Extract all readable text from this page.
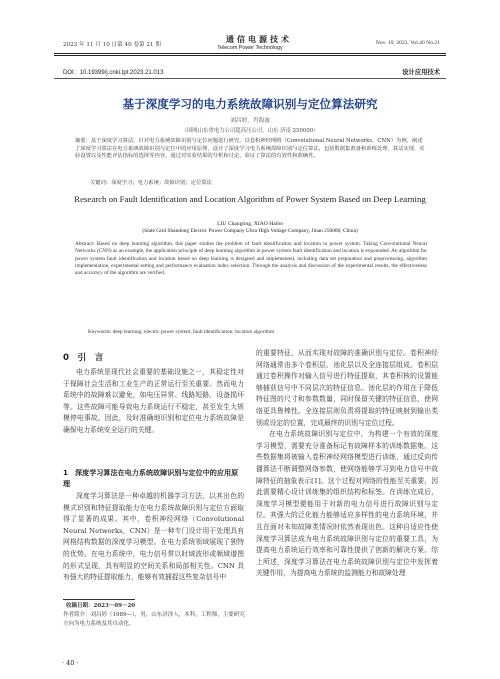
2023 年 11 月 10 日第 40 卷第 21 期
通信电源技术
Telecom Power Technology
Nov. 10, 2023, Vol.40 No.21
DOI：10.19399/j.cnki.tpt.2023.21.013	设计应用技术
基于深度学习的电力系统故障识别与定位算法研究
刘昌婷，肖海波
（国网山东省电力公司超高压公司，山东 济南 250000）
摘要：基于深度学习算法，针对电力系统故障识别与定位问题进行研究。以卷积神经网络（Convolutional Neural Networks，CNN）为例，阐述了深度学习算法在电力系统故障识别与定位中的应用原理，设计了深度学习电力系统故障识别与定位算法，包括数据集准备和训练处理、算法实现、实验设置以及性能评估指标的选择等内容。通过对实验结果的分析和讨论，验证了算法的有效性和准确性。
关键词：深度学习；电力系统；故障识别；定位算法
Research on Fault Identification and Location Algorithm of Power System Based on Deep Learning
LIU Changting, XIAO Haibo
(State Grid Shandong Electric Power Company Ultra High Voltage Company, Jinan 250000, China)
Abstract: Based on deep learning algorithm, this paper studies the problem of fault identification and location in power system. Taking Convolutional Neural Networks (CNN) as an example, the application principle of deep learning algorithm in power system fault identification and location is expounded. An algorithm for power system fault identification and location based on deep learning is designed and implemented, including data set preparation and preprocessing, algorithm implementation, experimental setting and performance evaluation index selection. Through the analysis and discussion of the experimental results, the effectiveness and accuracy of the algorithm are verified.
Keywords: deep learning; electric power system; fault identification; location algorithm
0　引　言

电力系统是现代社会重要的基础设施之一，其稳定性对于保障社会生活和工业生产的正常运行至关重要。然而电力系统中的故障难以避免，如电压异常、线路短路、设备损坏等。这些故障可能导致电力系统运行不稳定，甚至发生大规模停电事故。因此，及时准确地识别和定位电力系统故障是确保电力系统安全运行的关键。

1　深度学习算法在电力系统故障识别与定位中的应用原理

深度学习算法是一种卓越的机器学习方法，以其出色的模式识别和特征提取能力在电力系统故障识别与定位方面取得了显著的成果。其中，卷积神经网络（Convolutional Neural Networks，CNN）是一种专门设计用于处理具有网格结构数据的深度学习模型。在电力系统领域展现了独特的优势。在电力系统中，电力信号常以时域波形或频域谱图的形式呈现，具有明显的空间关系和局部相关性。CNN 具有强大的特征提取能力，能够有效捕捉这些复杂信号中

收稿日期：2023－09－20
作者简介：刘昌婷（1989—），男，山东济泽人，本科，工程师，主要研究方向为电力系统及其自动化。
· 40 ·

的重要特征，从而实现对故障的准确识别与定位。卷积神经网络通常由多个卷积层、池化层以及全连接层组成。卷积层通过卷积操作对输入信号进行特征提取，其卷积核的设置能够捕获信号中不同层次的特征信息。池化层的作用在于降低特征图的尺寸和参数数量，同时保留关键的特征信息，使网络更具鲁棒性。全连接层则负责将提取的特征映射到输出类别或设定的位置，完成最终的识别与定位过程。

在电力系统故障识别与定位中，为构建一个有效的深度学习模型，需要充分准备标记有故障样本的训练数据集。这些数据集将被输入卷积神经网络模型进行训练，通过反向传播算法不断调整网络参数，使网络能够学习到电力信号中故障特征的抽象表示[1]。这个过程对网络的性能至关重要，因此需要精心设计训练集的组织结构和标签。在训练完成后，深度学习模型便能用于对新的电力信号进行故障识别与定位。其强大的泛化能力能够适应多样性的电力系统环境，并且在面对未知故障类情况时依然表现出色。这种自适应性使深度学习算法成为电力系统故障识别与定位的重要工具，为提高电力系统运行效率和可靠性提供了创新的解决方案。综上所述，深度学习算法在电力系统故障识别与定位中发挥着关键作用，为提高电力系统的监测能力和故障处理
